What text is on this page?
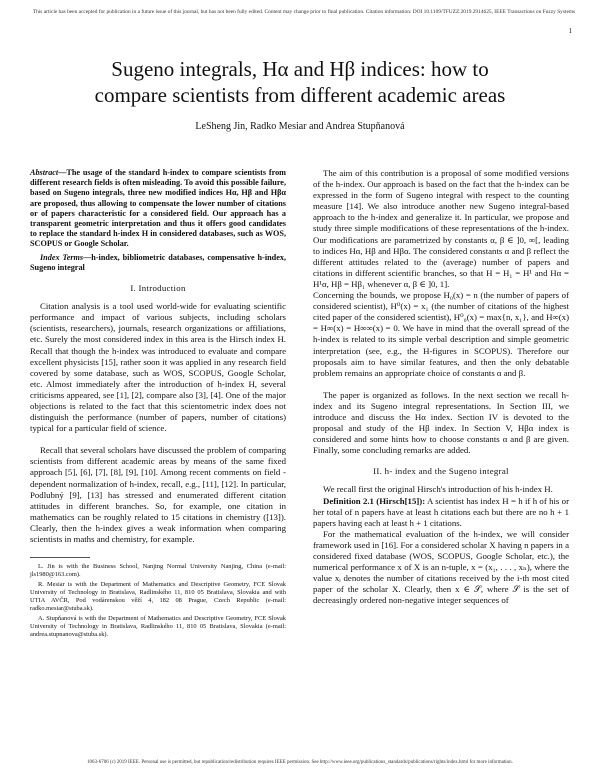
This article has been accepted for publication in a future issue of this journal, but has not been fully edited. Content may change prior to final publication. Citation information: DOI 10.1109/TFUZZ.2019.2914625, IEEE Transactions on Fuzzy Systems
1
Sugeno integrals, Hα and Hβ indices: how to
compare scientists from different academic areas
LeSheng Jin, Radko Mesiar and Andrea Stupňanová

Abstract—The usage of the standard h-index to compare scientists from different research fields is often misleading. To avoid this possible failure, based on Sugeno integrals, three new modified indices Hα, Hβ and Hβα are proposed, thus allowing to compensate the lower number of citations or of papers characteristic for a considered field. Our approach has a transparent geometric interpretation and thus it offers good candidates to replace the standard h-index H in considered databases, such as WOS, SCOPUS or Google Scholar.

Index Terms—h-index, bibliometric databases, compensative h-index, Sugeno integral

I. Introduction

Citation analysis is a tool used world-wide for evaluating scientific performance and impact of various subjects, including scholars (scientists, researchers), journals, research organizations or affiliations, etc. Surely the most considered index in this area is the Hirsch index H. Recall that though the h-index was introduced to evaluate and compare excellent physicists [15], rather soon it was applied in any research field covered by some database, such as WOS, SCOPUS, Google Scholar, etc. Almost immediately after the introduction of h-index H, several criticisms appeared, see [1], [2], compare also [3], [4]. One of the major objections is related to the fact that this scientometric index does not distinguish the performance (number of papers, number of citations) typical for a particular field of science.

Recall that several scholars have discussed the problem of comparing scientists from different academic areas by means of the same fixed approach [5], [6], [7], [8], [9], [10]. Among recent comments on field - dependent normalization of h-index, recall, e.g., [11], [12]. In particular, Podlubný [9], [13] has stressed and enumerated different citation attitudes in different branches. So, for example, one citation in mathematics can be roughly related to 15 citations in chemistry ([13]). Clearly, then the h-index gives a weak information when comparing scientists in maths and chemistry, for example.

L. Jin is with the Business School, Nanjing Normal University Nanjing, China (e-mail: jls1980@163.com).

R. Mesiar is with the Department of Mathematics and Descriptive Geometry, FCE Slovak University of Technology in Bratislava, Radlinského 11, 810 05 Bratislava, Slovakia and with UTIA AVČR, Pod vodárenskou věží 4, 182 08 Prague, Czech Republic (e-mail: radko.mesiar@stuba.sk).

A. Stupňanová is with the Department of Mathematics and Descriptive Geometry, FCE Slovak University of Technology in Bratislava, Radlinského 11, 810 05 Bratislava, Slovakia (e-mail: andrea.stupnanova@stuba.sk).

The aim of this contribution is a proposal of some modified versions of the h-index. Our approach is based on the fact that the h-index can be expressed in the form of Sugeno integral with respect to the counting measure [14]. We also introduce another new Sugeno integral-based approach to the h-index and generalize it. In particular, we propose and study three simple modifications of these representations of the h-index. Our modifications are parametrized by constants α, β ∈ ]0, ∞[, leading to indices Hα, Hβ and Hβα. The considered constants α and β reflect the different attitudes related to the (average) number of papers and citations in different scientific branches, so that H = H₁ = H¹ and Hα = H¹α, Hβ = Hβ₁ whenever α, β ∈ ]0, 1].

Concerning the bounds, we propose H₀(x) = n (the number of papers of considered scientist), H⁰(x) = x₁ (the number of citations of the highest cited paper of the considered scientist), H⁰₀(x) = max{n, x₁}, and H∞(x) = H∞(x) = H∞∞(x) = 0. We have in mind that the overall spread of the h-index is related to its simple verbal description and simple geometric interpretation (see, e.g., the H-figures in SCOPUS). Therefore our proposals aim to have similar features, and then the only debatable problem remains an appropriate choice of constants α and β.

The paper is organized as follows. In the next section we recall h-index and its Sugeno integral representations. In Section III, we introduce and discuss the Hα index. Section IV is devoted to the proposal and study of the Hβ index. In Section V, Hβα index is considered and some hints how to choose constants α and β are given. Finally, some concluding remarks are added.

II. h- index and the Sugeno integral

We recall first the original Hirsch's introduction of his h-index H.

Definition 2.1 (Hirsch[15]): A scientist has index H = h if h of his or her total of n papers have at least h citations each but there are no h + 1 papers having each at least h + 1 citations.

For the mathematical evaluation of the h-index, we will consider framework used in [16]. For a considered scholar X having n papers in a considered fixed database (WOS, SCOPUS, Google Scholar, etc.), the numerical performance x of X is an n-tuple, x = (x₁, . . . , xₙ), where the value xᵢ denotes the number of citations received by the i-th most cited paper of the scholar X. Clearly, then x ∈ 𝒮, where 𝒮 is the set of decreasingly ordered non-negative integer sequences of

1063-6706 (c) 2019 IEEE. Personal use is permitted, but republication/redistribution requires IEEE permission. See http://www.ieee.org/publications_standards/publications/rights/index.html for more information.
